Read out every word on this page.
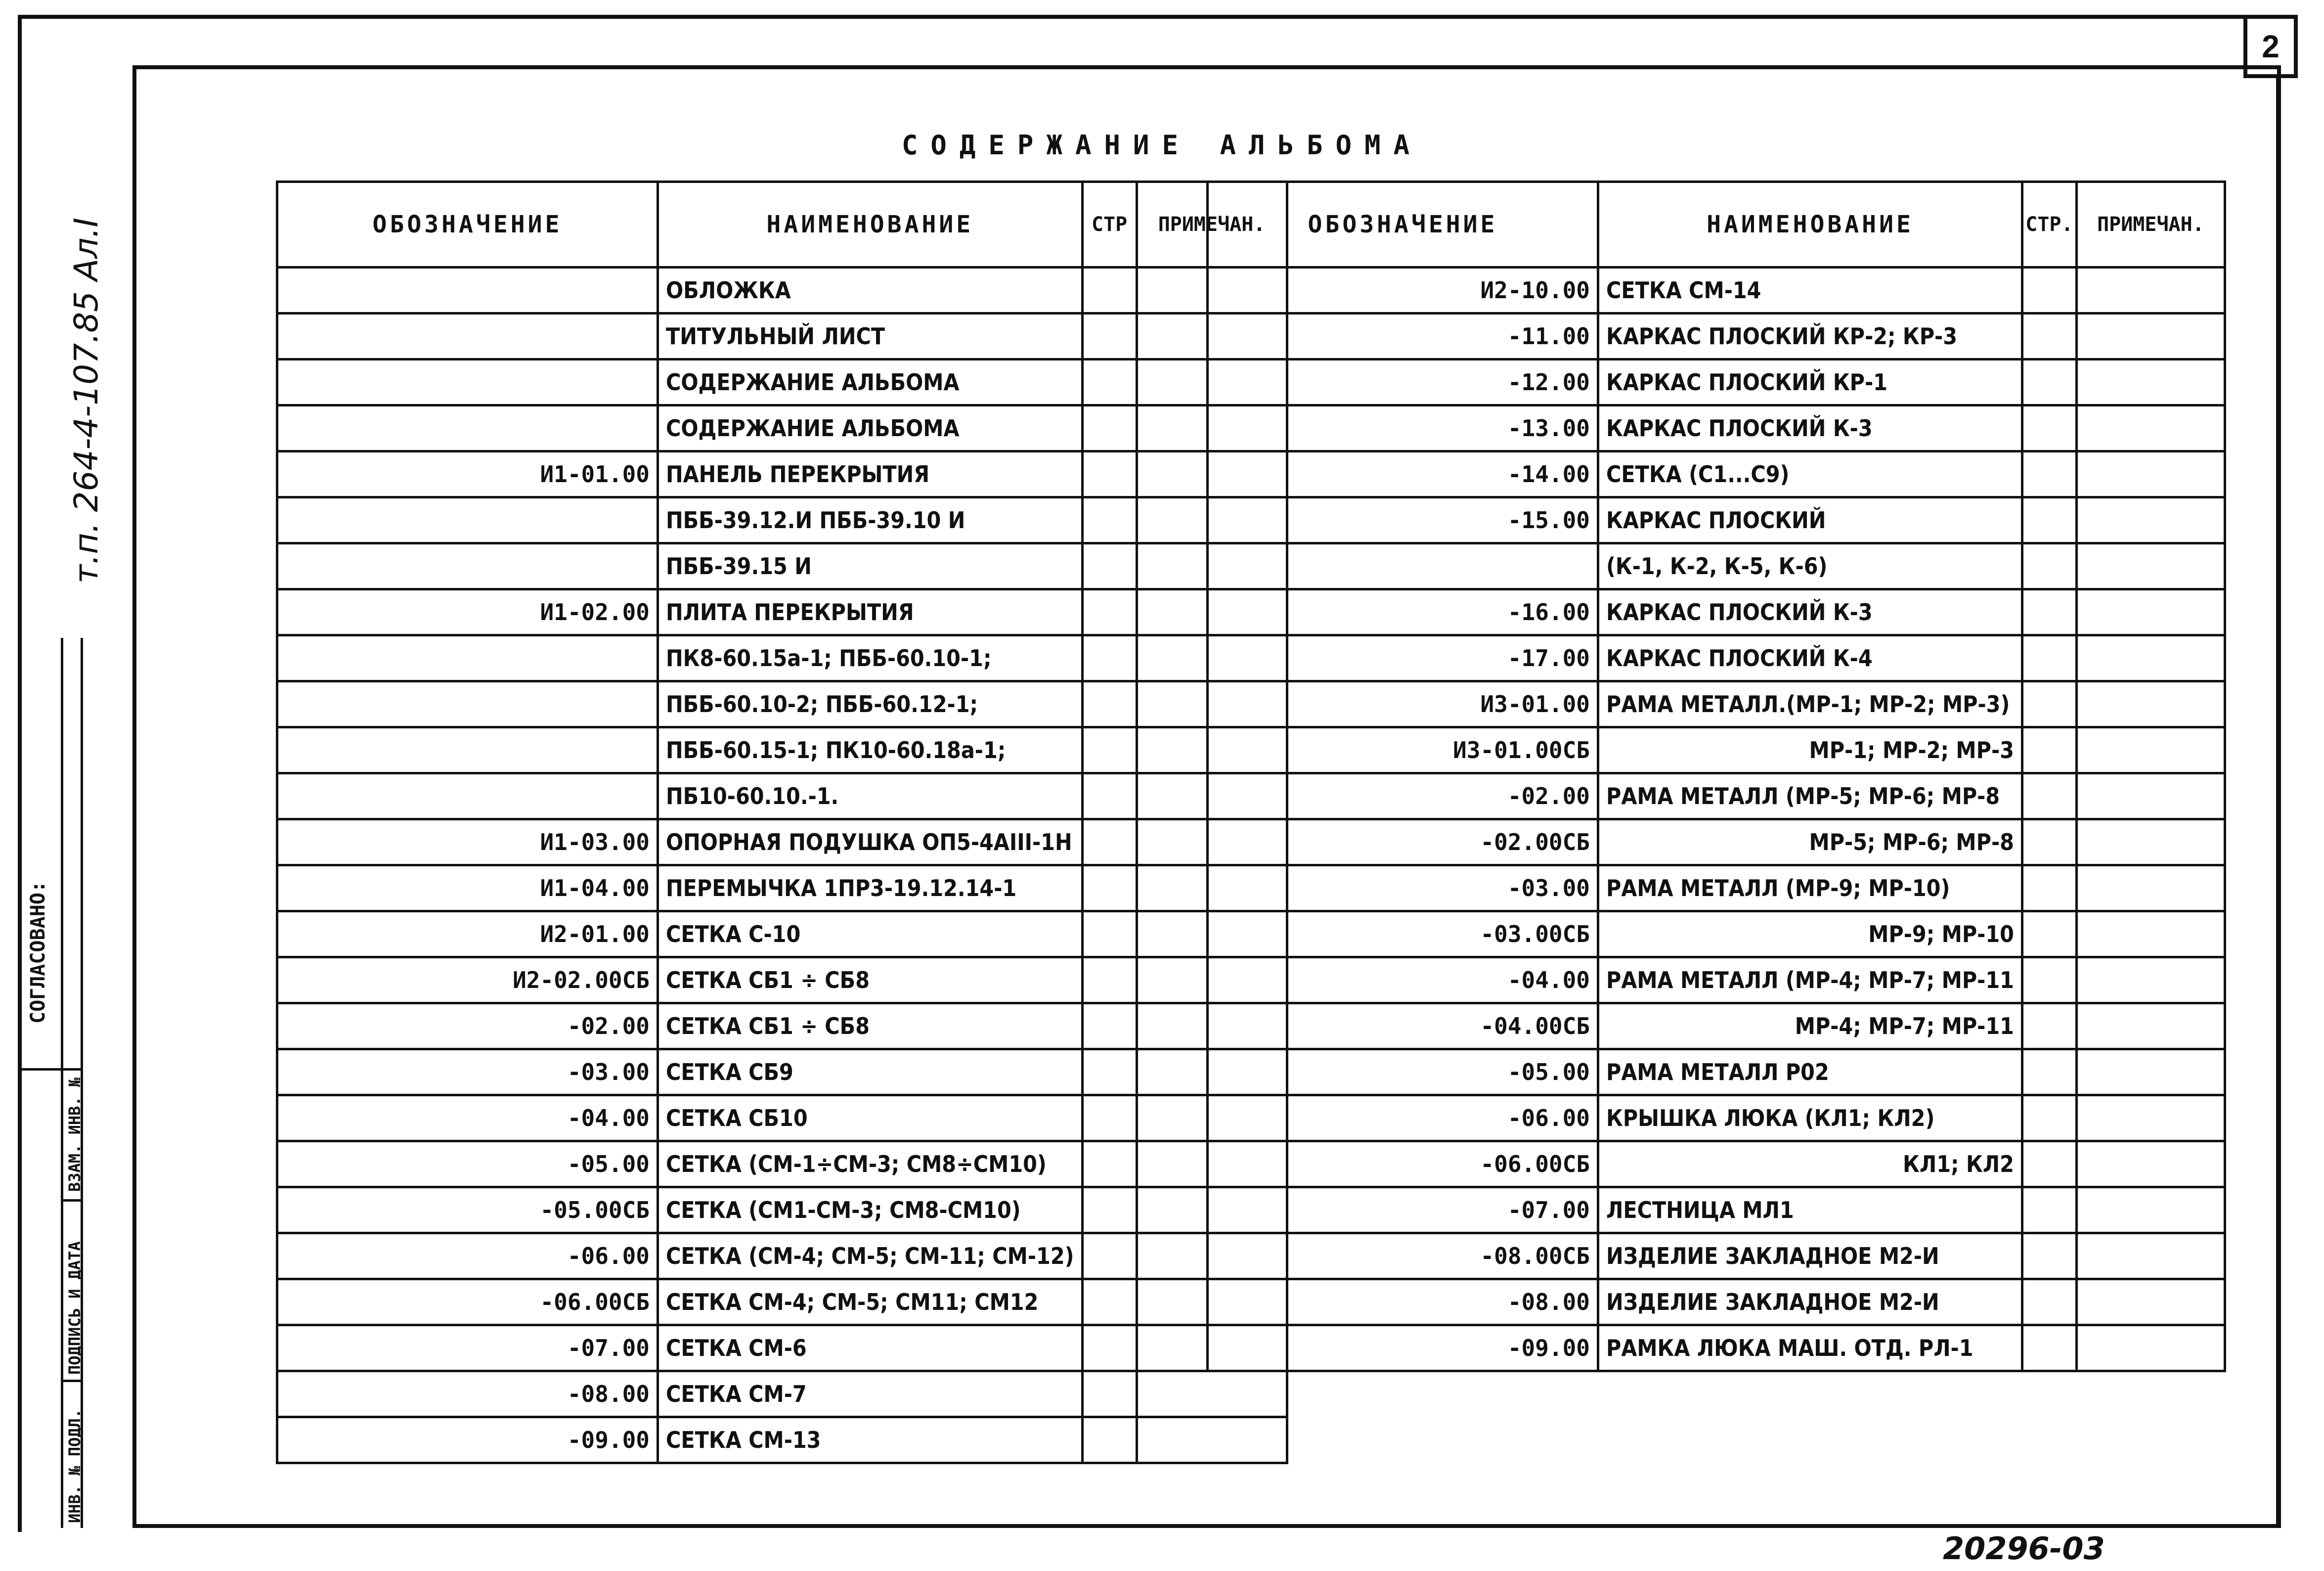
2
т.п. 264-4-107.85 Ал.I
СОГЛАСОВАНО:
ИНВ. № ПОДЛ.
ПОДПИСЬ И ДАТА
ВЗАМ. ИНВ. №
СОДЕРЖАНИЕ АЛЬБОМА
ОБОЗНАЧЕНИЕ	НАИМЕНОВАНИЕ	СТР	ПРИМЕЧАН.
	ОБЛОЖКА		
	ТИТУЛЬНЫЙ ЛИСТ		
	СОДЕРЖАНИЕ АЛЬБОМА		
	СОДЕРЖАНИЕ АЛЬБОМА		
И1-01.00	ПАНЕЛЬ ПЕРЕКРЫТИЯ		
	ПББ-39.12.И ПББ-39.10 И		
	ПББ-39.15 И		
И1-02.00	ПЛИТА ПЕРЕКРЫТИЯ		
	ПК8-60.15а-1; ПББ-60.10-1;		
	ПББ-60.10-2; ПББ-60.12-1;		
	ПББ-60.15-1; ПК10-60.18а-1;		
	ПБ10-60.10.-1.		
И1-03.00	ОПОРНАЯ ПОДУШКА ОП5-4АIII-1Н		
И1-04.00	ПЕРЕМЫЧКА 1ПР3-19.12.14-1		
И2-01.00	СЕТКА С-10		
И2-02.00СБ	СЕТКА СБ1 ÷ СБ8		
-02.00	СЕТКА СБ1 ÷ СБ8		
-03.00	СЕТКА СБ9		
-04.00	СЕТКА СБ10		
-05.00	СЕТКА (СМ-1÷СМ-3; СМ8÷СМ10)		
-05.00СБ	СЕТКА (СМ1-СМ-3; СМ8-СМ10)		
-06.00	СЕТКА (СМ-4; СМ-5; СМ-11; СМ-12)		
-06.00СБ	СЕТКА СМ-4; СМ-5; СМ11; СМ12		
-07.00	СЕТКА СМ-6		
-08.00	СЕТКА СМ-7		
-09.00	СЕТКА СМ-13		
ОБОЗНАЧЕНИЕ	НАИМЕНОВАНИЕ	СТР.	ПРИМЕЧАН.
И2-10.00	СЕТКА СМ-14		
-11.00	КАРКАС ПЛОСКИЙ КР-2; КР-3		
-12.00	КАРКАС ПЛОСКИЙ КР-1		
-13.00	КАРКАС ПЛОСКИЙ К-3		
-14.00	СЕТКА (С1...С9)		
-15.00	КАРКАС ПЛОСКИЙ		
	(К-1, К-2, К-5, К-6)		
-16.00	КАРКАС ПЛОСКИЙ К-3		
-17.00	КАРКАС ПЛОСКИЙ К-4		
И3-01.00	РАМА МЕТАЛЛ.(МР-1; МР-2; МР-3)		
И3-01.00СБ	МР-1; МР-2; МР-3		
-02.00	РАМА МЕТАЛЛ (МР-5; МР-6; МР-8		
-02.00СБ	МР-5; МР-6; МР-8		
-03.00	РАМА МЕТАЛЛ (МР-9; МР-10)		
-03.00СБ	МР-9; МР-10		
-04.00	РАМА МЕТАЛЛ (МР-4; МР-7; МР-11		
-04.00СБ	МР-4; МР-7; МР-11		
-05.00	РАМА МЕТАЛЛ Р02		
-06.00	КРЫШКА ЛЮКА (КЛ1; КЛ2)		
-06.00СБ	КЛ1; КЛ2		
-07.00	ЛЕСТНИЦА МЛ1		
-08.00СБ	ИЗДЕЛИЕ ЗАКЛАДНОЕ М2-И		
-08.00	ИЗДЕЛИЕ ЗАКЛАДНОЕ М2-И		
-09.00	РАМКА ЛЮКА МАШ. ОТД. РЛ-1		
20296-03
